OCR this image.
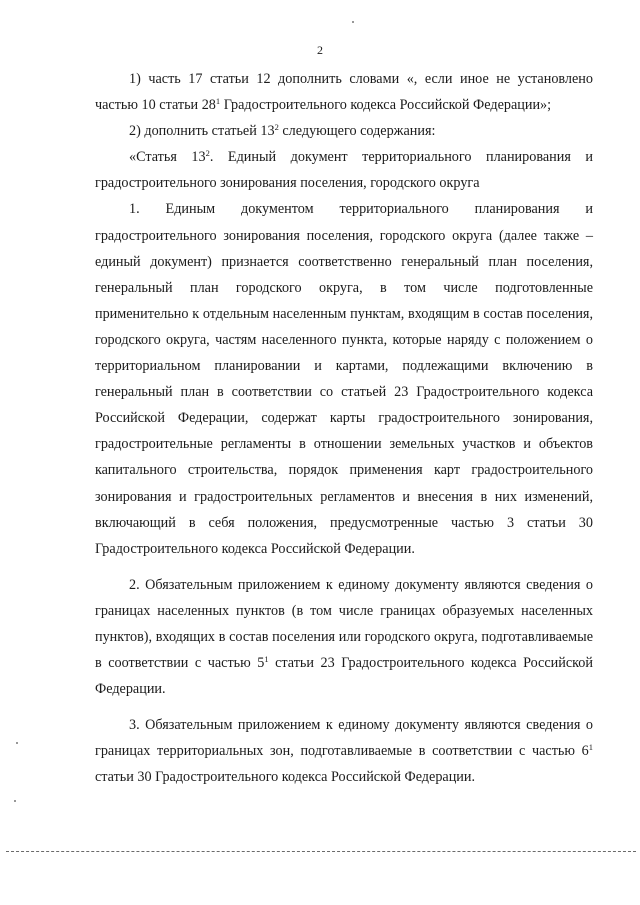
2

1) часть 17 статьи 12 дополнить словами «, если иное не установлено частью 10 статьи $28^1$ Градостроительного кодекса Российской Федерации»;

2) дополнить статьей $13^2$ следующего содержания:

«Статья $13^2$. Единый документ территориального планирования и градостроительного зонирования поселения, городского округа

1. Единым документом территориального планирования и градостроительного зонирования поселения, городского округа (далее также – единый документ) признается соответственно генеральный план поселения, генеральный план городского округа, в том числе подготовленные применительно к отдельным населенным пунктам, входящим в состав поселения, городского округа, частям населенного пункта, которые наряду с положением о территориальном планировании и картами, подлежащими включению в генеральный план в соответствии со статьей 23 Градостроительного кодекса Российской Федерации, содержат карты градостроительного зонирования, градостроительные регламенты в отношении земельных участков и объектов капитального строительства, порядок применения карт градостроительного зонирования и градостроительных регламентов и внесения в них изменений, включающий в себя положения, предусмотренные частью 3 статьи 30 Градостроительного кодекса Российской Федерации.

2. Обязательным приложением к единому документу являются сведения о границах населенных пунктов (в том числе границах образуемых населенных пунктов), входящих в состав поселения или городского округа, подготавливаемые в соответствии с частью $5^1$ статьи 23 Градостроительного кодекса Российской Федерации.

3. Обязательным приложением к единому документу являются сведения о границах территориальных зон, подготавливаемые в соответствии с частью $6^1$ статьи 30 Градостроительного кодекса Российской Федерации.
